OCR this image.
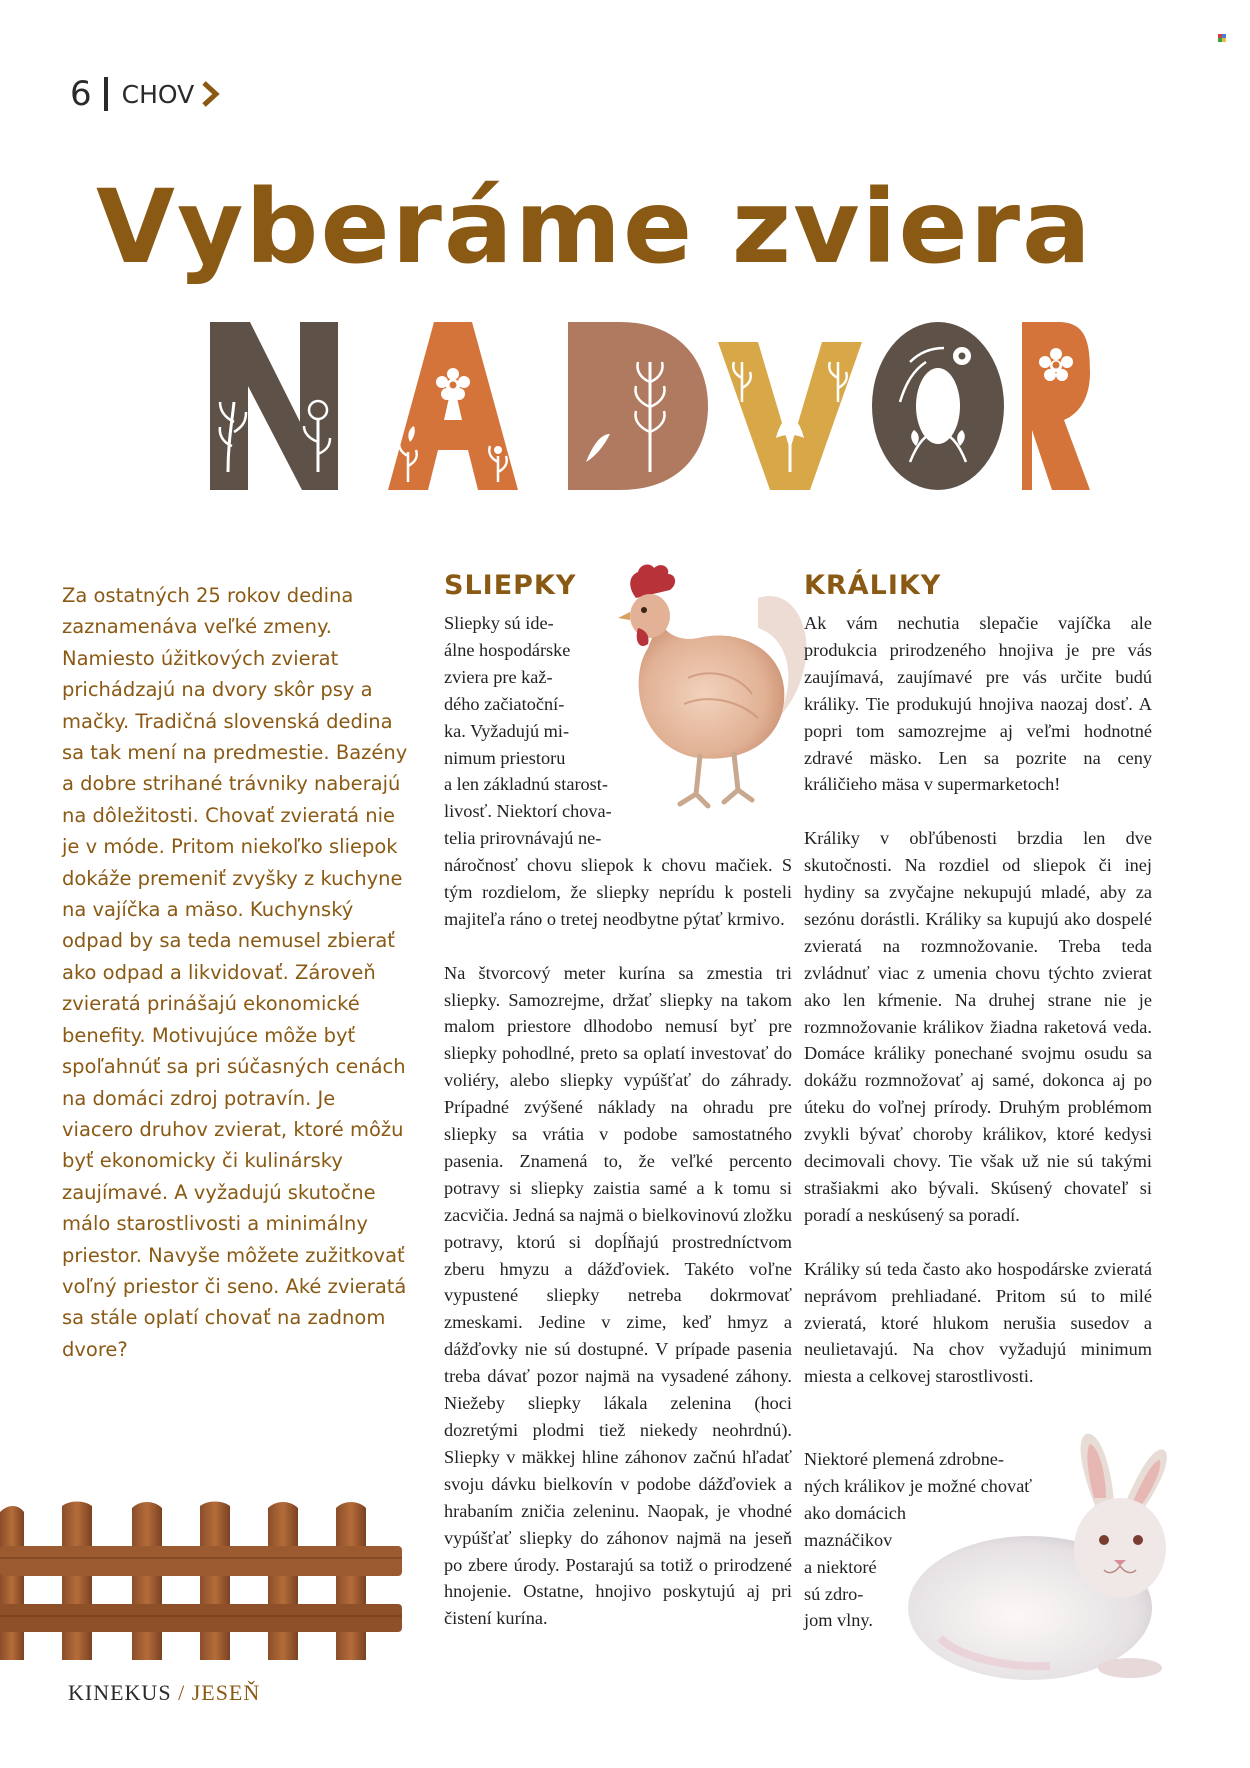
6 CHOV
Vyberáme zviera
Za ostatných 25 rokov dedina zaznamenáva veľké zmeny. Namiesto úžitkových zvierat prichádzajú na dvory skôr psy a mačky. Tradičná slovenská dedina sa tak mení na predmestie. Bazény a dobre strihané trávniky naberajú na dôležitosti. Chovať zvieratá nie je v móde. Pritom niekoľko sliepok dokáže premeniť zvyšky z kuchyne na vajíčka a mäso. Kuchynský odpad by sa teda nemusel zbierať ako odpad a likvidovať. Zároveň zvieratá prinášajú ekonomické benefity. Motivujúce môže byť spoľahnúť sa pri súčasných cenách na domáci zdroj potravín. Je viacero druhov zvierat, ktoré môžu byť ekonomicky či kulinársky zaujímavé. A vyžadujú skutočne málo starostlivosti a minimálny priestor. Navyše môžete zužitkovať voľný priestor či seno. Aké zvieratá sa stále oplatí chovať na zadnom dvore?
SLIEPKY
Sliepky sú ide-
álne hospodárske
zviera pre kaž-
dého začiatoční-
ka. Vyžadujú mi-
nimum priestoru
a len základnú starost-
livosť. Niektorí chova-
telia prirovnávajú ne-

náročnosť chovu sliepok k chovu mačiek. S tým rozdielom, že sliepky neprídu k posteli majiteľa ráno o tretej neodbytne pýtať krmivo.

Na štvorcový meter kurína sa zmestia tri sliepky. Samozrejme, držať sliepky na takom malom priestore dlhodobo nemusí byť pre sliepky pohodlné, preto sa oplatí investovať do voliéry, alebo sliepky vypúšťať do záhrady. Prípadné zvýšené náklady na ohradu pre sliepky sa vrátia v podobe samostatného pasenia. Znamená to, že veľké percento potravy si sliepky zaistia samé a k tomu si zacvičia. Jedná sa najmä o bielkovinovú zložku potravy, ktorú si dopĺňajú prostredníctvom zberu hmyzu a dážďoviek. Takéto voľne vypustené sliepky netreba dokrmovať zmeskami. Jedine v zime, keď hmyz a dážďovky nie sú dostupné. V prípade pasenia treba dávať pozor najmä na vysadené záhony. Niežeby sliepky lákala zelenina (hoci dozretými plodmi tiež niekedy neohrdnú). Sliepky v mäkkej hline záhonov začnú hľadať svoju dávku bielkovín v podobe dážďoviek a hrabaním zničia zeleninu. Naopak, je vhodné vypúšťať sliepky do záhonov najmä na jeseň po zbere úrody. Postarajú sa totiž o prirodzené hnojenie. Ostatne, hnojivo poskytujú aj pri čistení kurína.

KRÁLIKY

Ak vám nechutia slepačie vajíčka ale produkcia prirodzeného hnojiva je pre vás zaujímavá, zaujímavé pre vás určite budú králiky. Tie produkujú hnojiva naozaj dosť. A popri tom samozrejme aj veľmi hodnotné zdravé mäsko. Len sa pozrite na ceny králičieho mäsa v supermarketoch!

Králiky v obľúbenosti brzdia len dve skutočnosti. Na rozdiel od sliepok či inej hydiny sa zvyčajne nekupujú mladé, aby za sezónu dorástli. Králiky sa kupujú ako dospelé zvieratá na rozmnožovanie. Treba teda zvládnuť viac z umenia chovu týchto zvierat ako len kŕmenie. Na druhej strane nie je rozmnožovanie králikov žiadna raketová veda. Domáce králiky ponechané svojmu osudu sa dokážu rozmnožovať aj samé, dokonca aj po úteku do voľnej prírody. Druhým problémom zvykli bývať choroby králikov, ktoré kedysi decimovali chovy. Tie však už nie sú takými strašiakmi ako bývali. Skúsený chovateľ si poradí a neskúsený sa poradí.

Králiky sú teda často ako hospodárske zvieratá neprávom prehliadané. Pritom sú to milé zvieratá, ktoré hlukom nerušia susedov a neulietavajú. Na chov vyžadujú minimum miesta a celkovej starostlivosti.

Niektoré plemená zdrobne-
ných králikov je možné chovať
ako domácich
maznáčikov
a niektoré
sú zdro-
jom vlny.
KINEKUS / JESEŇ
